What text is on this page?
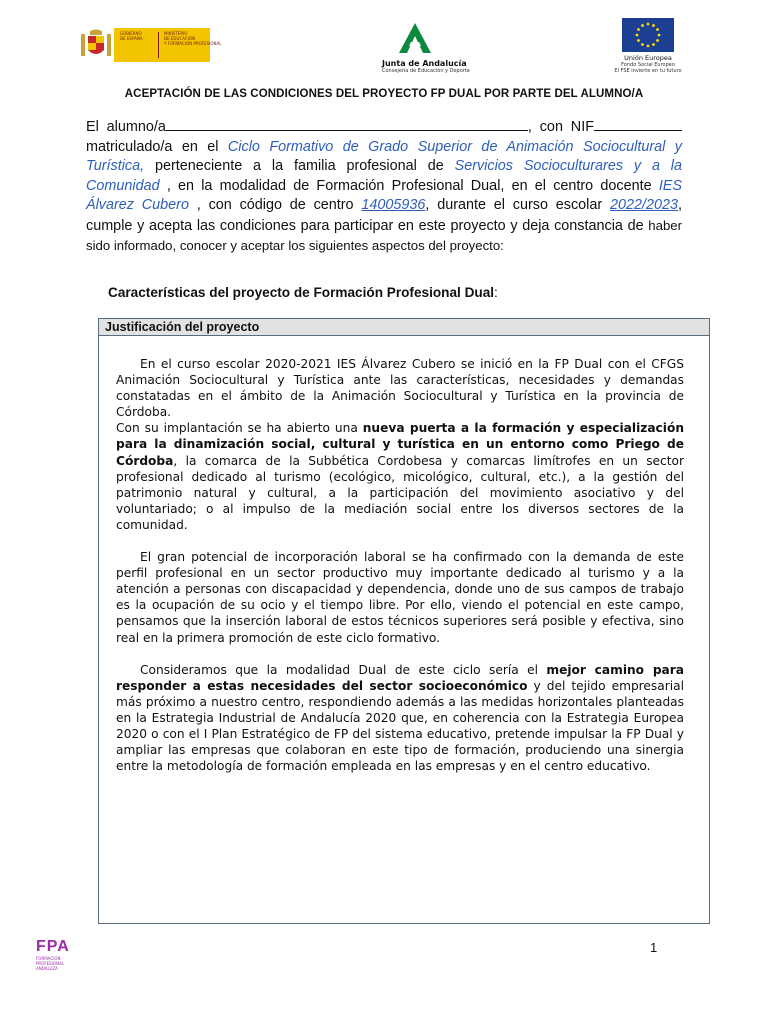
GOBIERNO
DE ESPAÑA
MINISTERIO
DE EDUCACIÓN
Y FORMACIÓN PROFESIONAL
Junta de Andalucía
Consejería de Educación y Deporte
Unión Europea
Fondo Social Europeo
El FSE invierte en tu futuro
ACEPTACIÓN DE LAS CONDICIONES DEL PROYECTO FP DUAL POR PARTE DEL ALUMNO/A
El alumno/a	, con NIF matriculado/a en el Ciclo Formativo de Grado Superior de Animación Sociocultural y Turística, perteneciente a la familia profesional de Servicios Socioculturares y a la Comunidad , en la modalidad de Formación Profesional Dual, en el centro docente IES Álvarez Cubero , con código de centro 14005936, durante el curso escolar 2022/2023, cumple y acepta las condiciones para participar en este proyecto y deja constancia de haber sido informado, conocer y aceptar los siguientes aspectos del proyecto:
Características del proyecto de Formación Profesional Dual:
Justificación del proyecto

En el curso escolar 2020-2021 IES Álvarez Cubero se inició en la FP Dual con el CFGS Animación Sociocultural y Turística ante las características, necesidades y demandas constatadas en el ámbito de la Animación Sociocultural y Turística en la provincia de Córdoba.
Con su implantación se ha abierto una nueva puerta a la formación y especialización para la dinamización social, cultural y turística en un entorno como Priego de Córdoba, la comarca de la Subbética Cordobesa y comarcas limítrofes en un sector profesional dedicado al turismo (ecológico, micológico, cultural, etc.), a la gestión del patrimonio natural y cultural, a la participación del movimiento asociativo y del voluntariado; o al impulso de la mediación social entre los diversos sectores de la comunidad.

El gran potencial de incorporación laboral se ha confirmado con la demanda de este perfil profesional en un sector productivo muy importante dedicado al turismo y a la atención a personas con discapacidad y dependencia, donde uno de sus campos de trabajo es la ocupación de su ocio y el tiempo libre. Por ello, viendo el potencial en este campo, pensamos que la inserción laboral de estos técnicos superiores será posible y efectiva, sino real en la primera promoción de este ciclo formativo.

Consideramos que la modalidad Dual de este ciclo sería el mejor camino para responder a estas necesidades del sector socioeconómico y del tejido empresarial más próximo a nuestro centro, respondiendo además a las medidas horizontales planteadas en la Estrategia Industrial de Andalucía 2020 que, en coherencia con la Estrategia Europea 2020 o con el I Plan Estratégico de FP del sistema educativo, pretende impulsar la FP Dual y ampliar las empresas que colaboran en este tipo de formación, produciendo una sinergia entre la metodología de formación empleada en las empresas y en el centro educativo.

FPA
FORMACIÓN
PROFESIONAL
ANDALUZA
1
